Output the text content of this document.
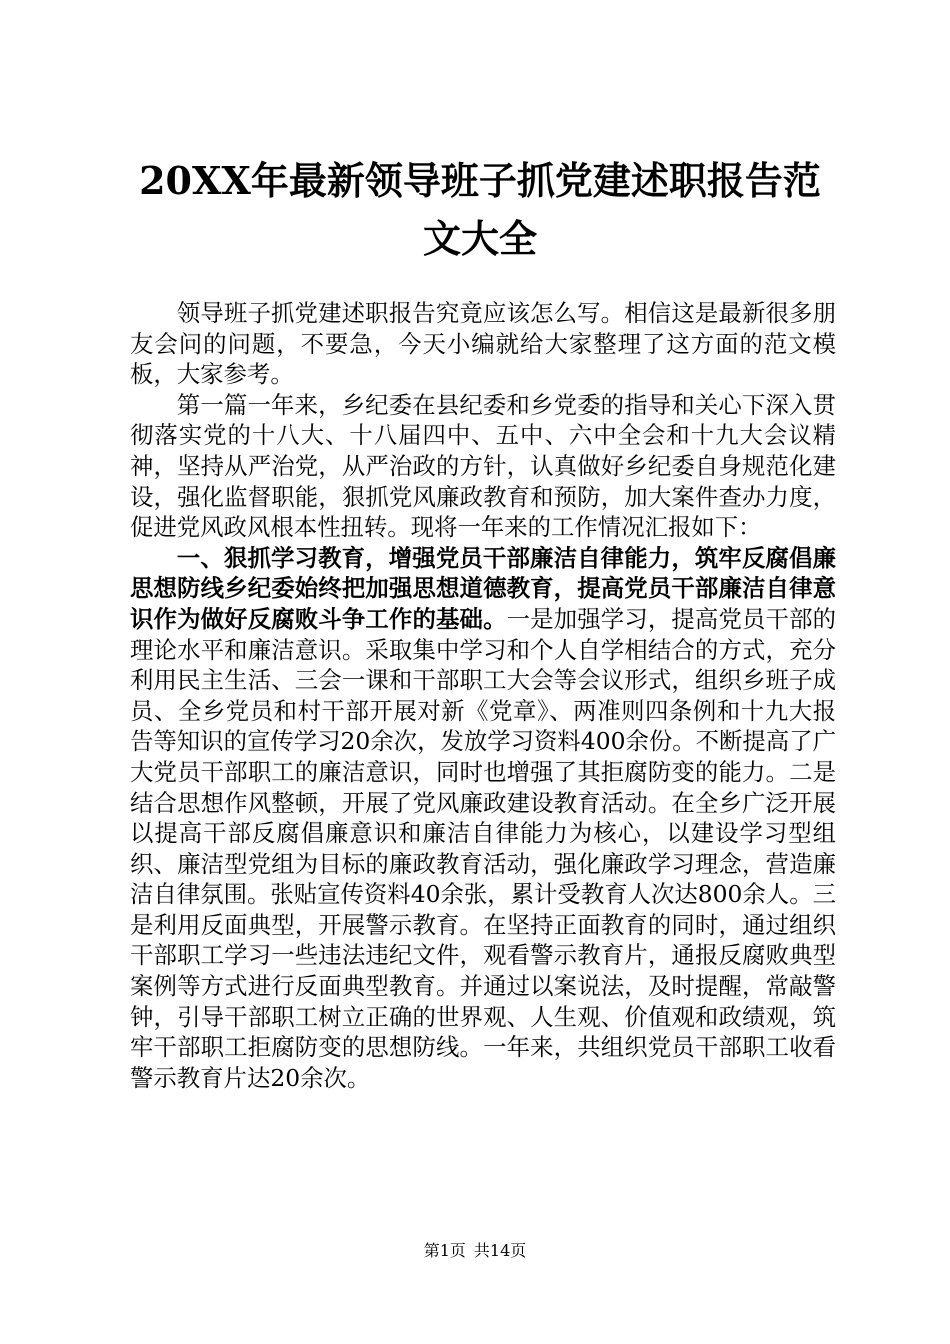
20XX年最新领导班子抓党建述职报告范文大全

领导班子抓党建述职报告究竟应该怎么写。相信这是最新很多朋友会问的问题，不要急，今天小编就给大家整理了这方面的范文模板，大家参考。

第一篇一年来，乡纪委在县纪委和乡党委的指导和关心下深入贯彻落实党的十八大、十八届四中、五中、六中全会和十九大会议精神，坚持从严治党，从严治政的方针，认真做好乡纪委自身规范化建设，强化监督职能，狠抓党风廉政教育和预防，加大案件查办力度，促进党风政风根本性扭转。现将一年来的工作情况汇报如下：

一、狠抓学习教育，增强党员干部廉洁自律能力，筑牢反腐倡廉思想防线乡纪委始终把加强思想道德教育，提高党员干部廉洁自律意识作为做好反腐败斗争工作的基础。一是加强学习，提高党员干部的理论水平和廉洁意识。采取集中学习和个人自学相结合的方式，充分利用民主生活、三会一课和干部职工大会等会议形式，组织乡班子成员、全乡党员和村干部开展对新《党章》、两准则四条例和十九大报告等知识的宣传学习20余次，发放学习资料400余份。不断提高了广大党员干部职工的廉洁意识，同时也增强了其拒腐防变的能力。二是结合思想作风整顿，开展了党风廉政建设教育活动。在全乡广泛开展以提高干部反腐倡廉意识和廉洁自律能力为核心，以建设学习型组织、廉洁型党组为目标的廉政教育活动，强化廉政学习理念，营造廉洁自律氛围。张贴宣传资料40余张，累计受教育人次达800余人。三是利用反面典型，开展警示教育。在坚持正面教育的同时，通过组织干部职工学习一些违法违纪文件，观看警示教育片，通报反腐败典型案例等方式进行反面典型教育。并通过以案说法，及时提醒，常敲警钟，引导干部职工树立正确的世界观、人生观、价值观和政绩观，筑牢干部职工拒腐防变的思想防线。一年来，共组织党员干部职工收看警示教育片达20余次。

第1页 共14页
